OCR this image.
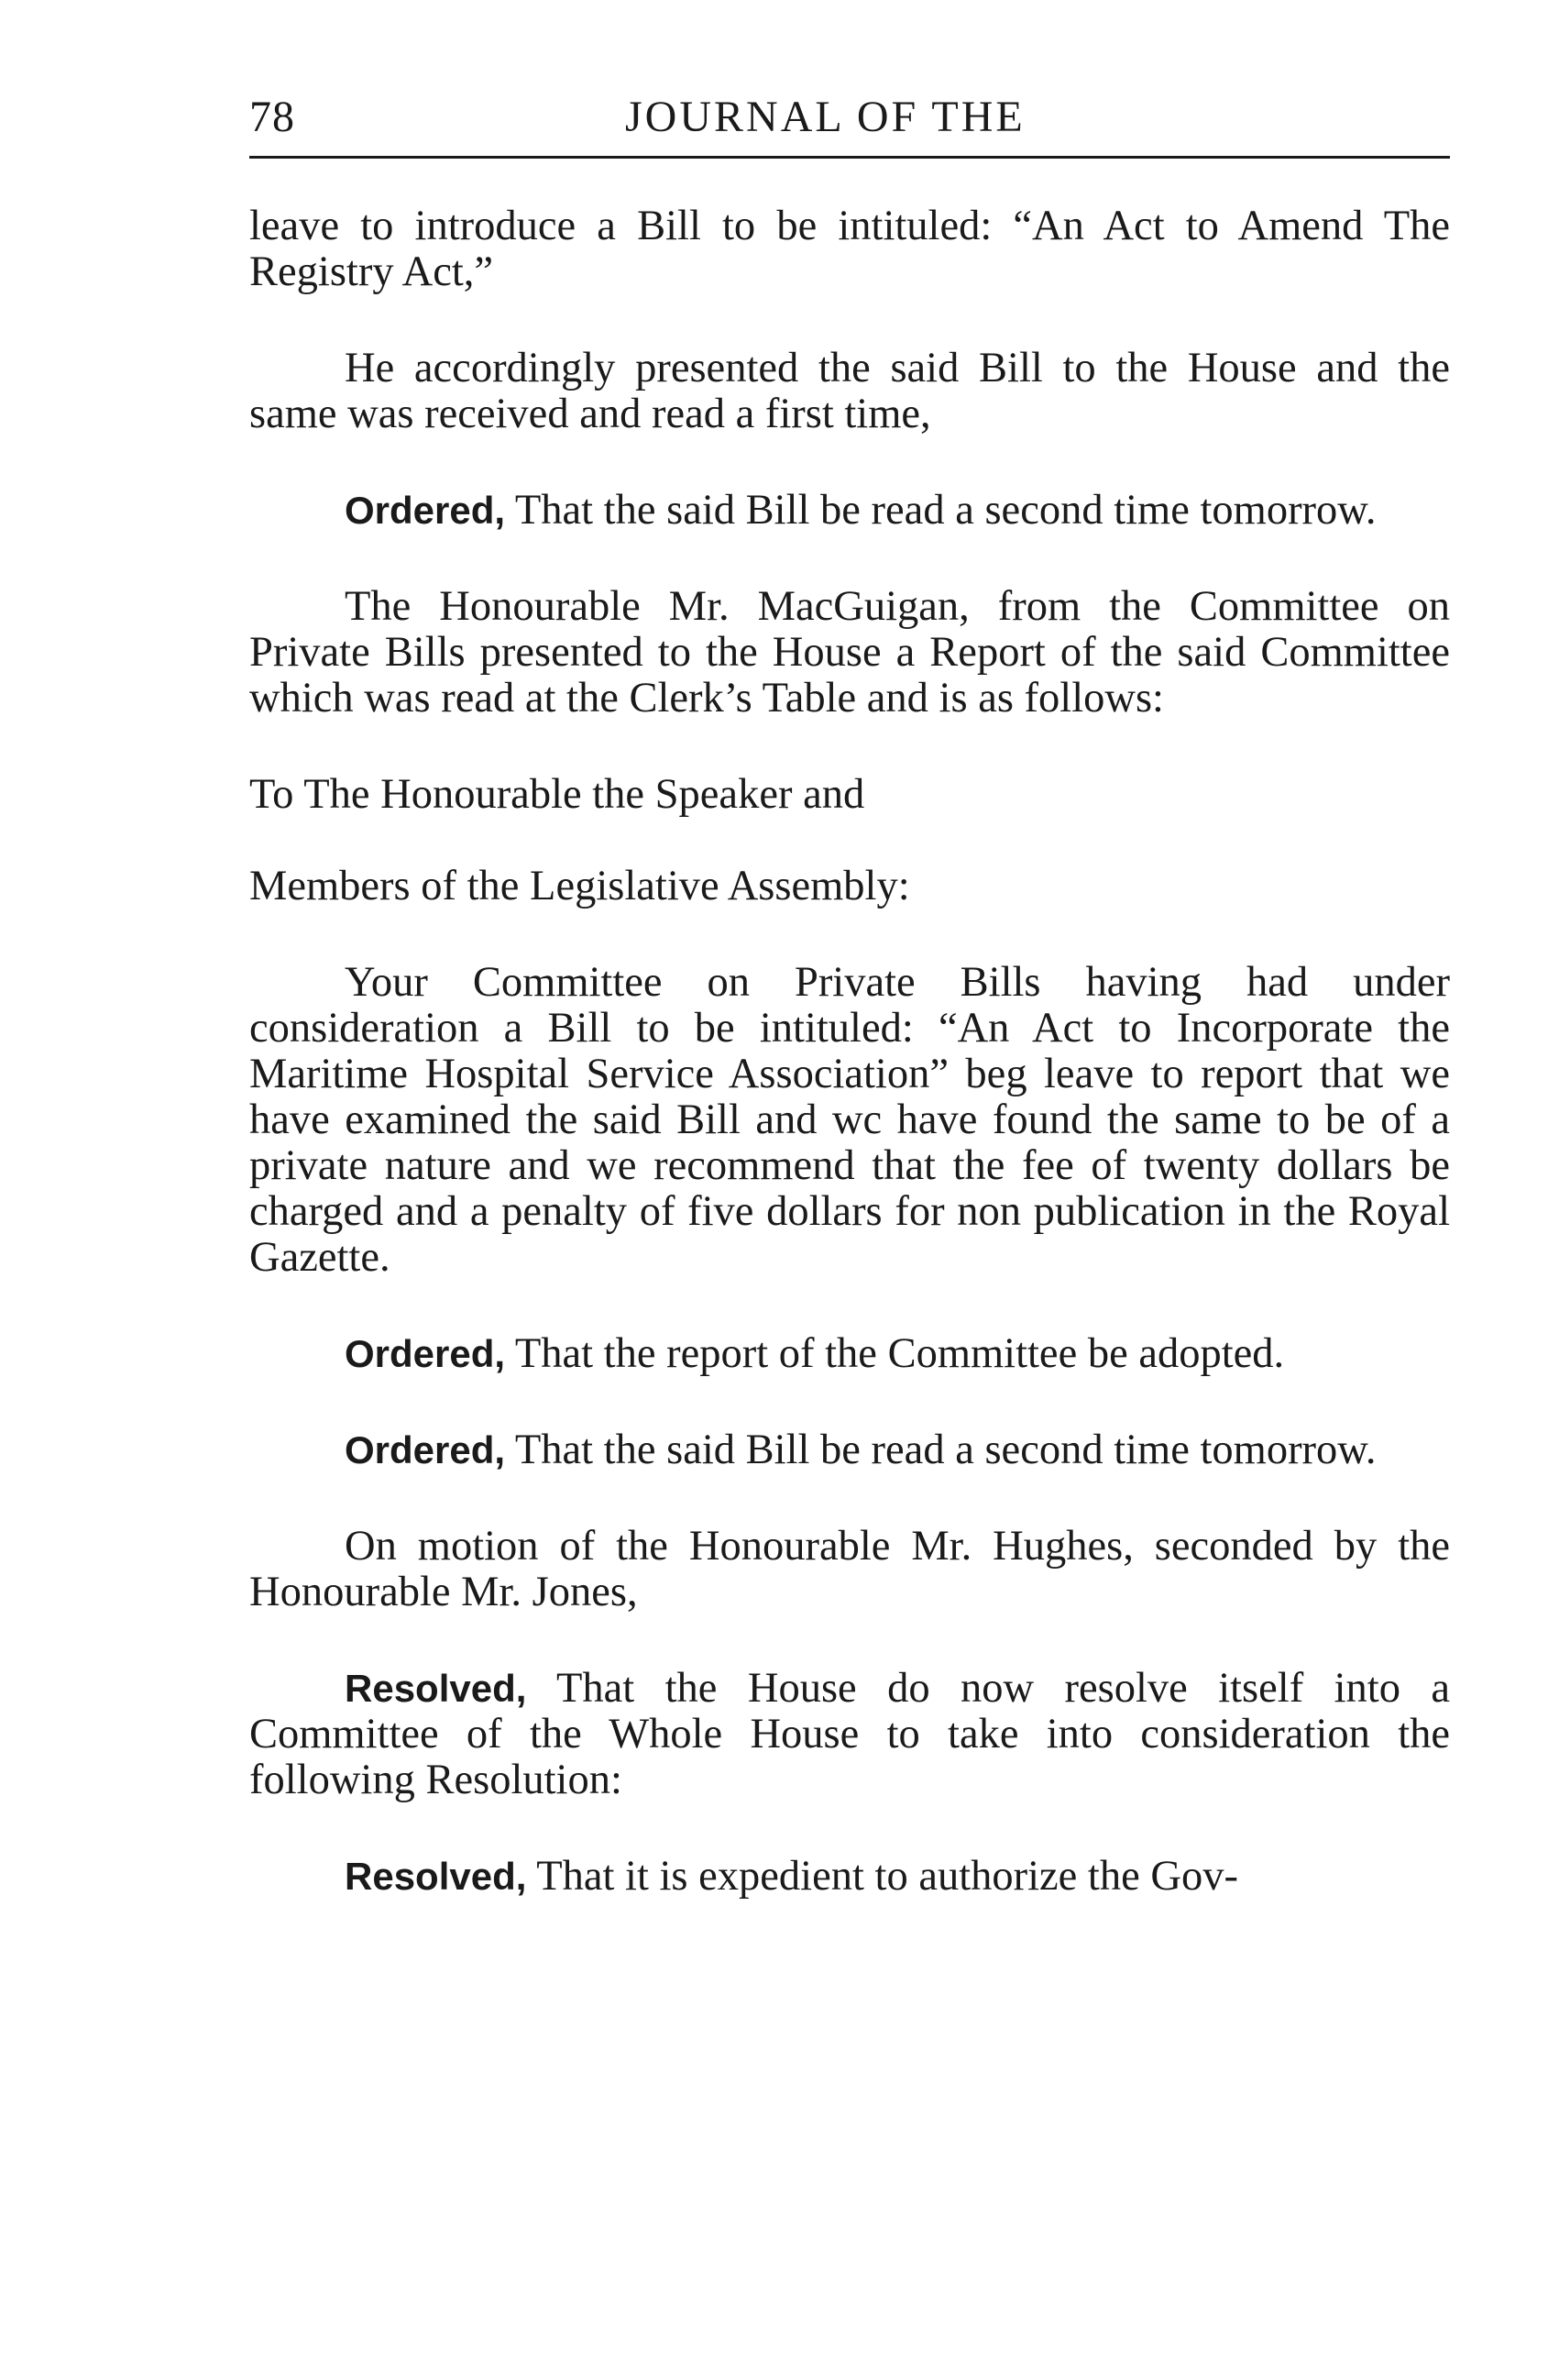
78	JOURNAL OF THE

leave to introduce a Bill to be intituled: “An Act to Amend The Registry Act,”

He accordingly presented the said Bill to the House and the same was received and read a first time,

Ordered, That the said Bill be read a second time tomorrow.

The Honourable Mr. MacGuigan, from the Committee on Private Bills presented to the House a Report of the said Committee which was read at the Clerk’s Table and is as follows:

To The Honourable the Speaker and

Members of the Legislative Assembly:

Your Committee on Private Bills having had under consideration a Bill to be intituled: “An Act to Incorporate the Maritime Hospital Service Association” beg leave to report that we have examined the said Bill and wc have found the same to be of a private nature and we recommend that the fee of twenty dollars be charged and a penalty of five dollars for non publication in the Royal Gazette.

Ordered, That the report of the Committee be adopted.

Ordered, That the said Bill be read a second time tomorrow.

On motion of the Honourable Mr. Hughes, seconded by the Honourable Mr. Jones,

Resolved, That the House do now resolve itself into a Committee of the Whole House to take into consideration the following Resolution:

Resolved, That it is expedient to authorize the Gov-
